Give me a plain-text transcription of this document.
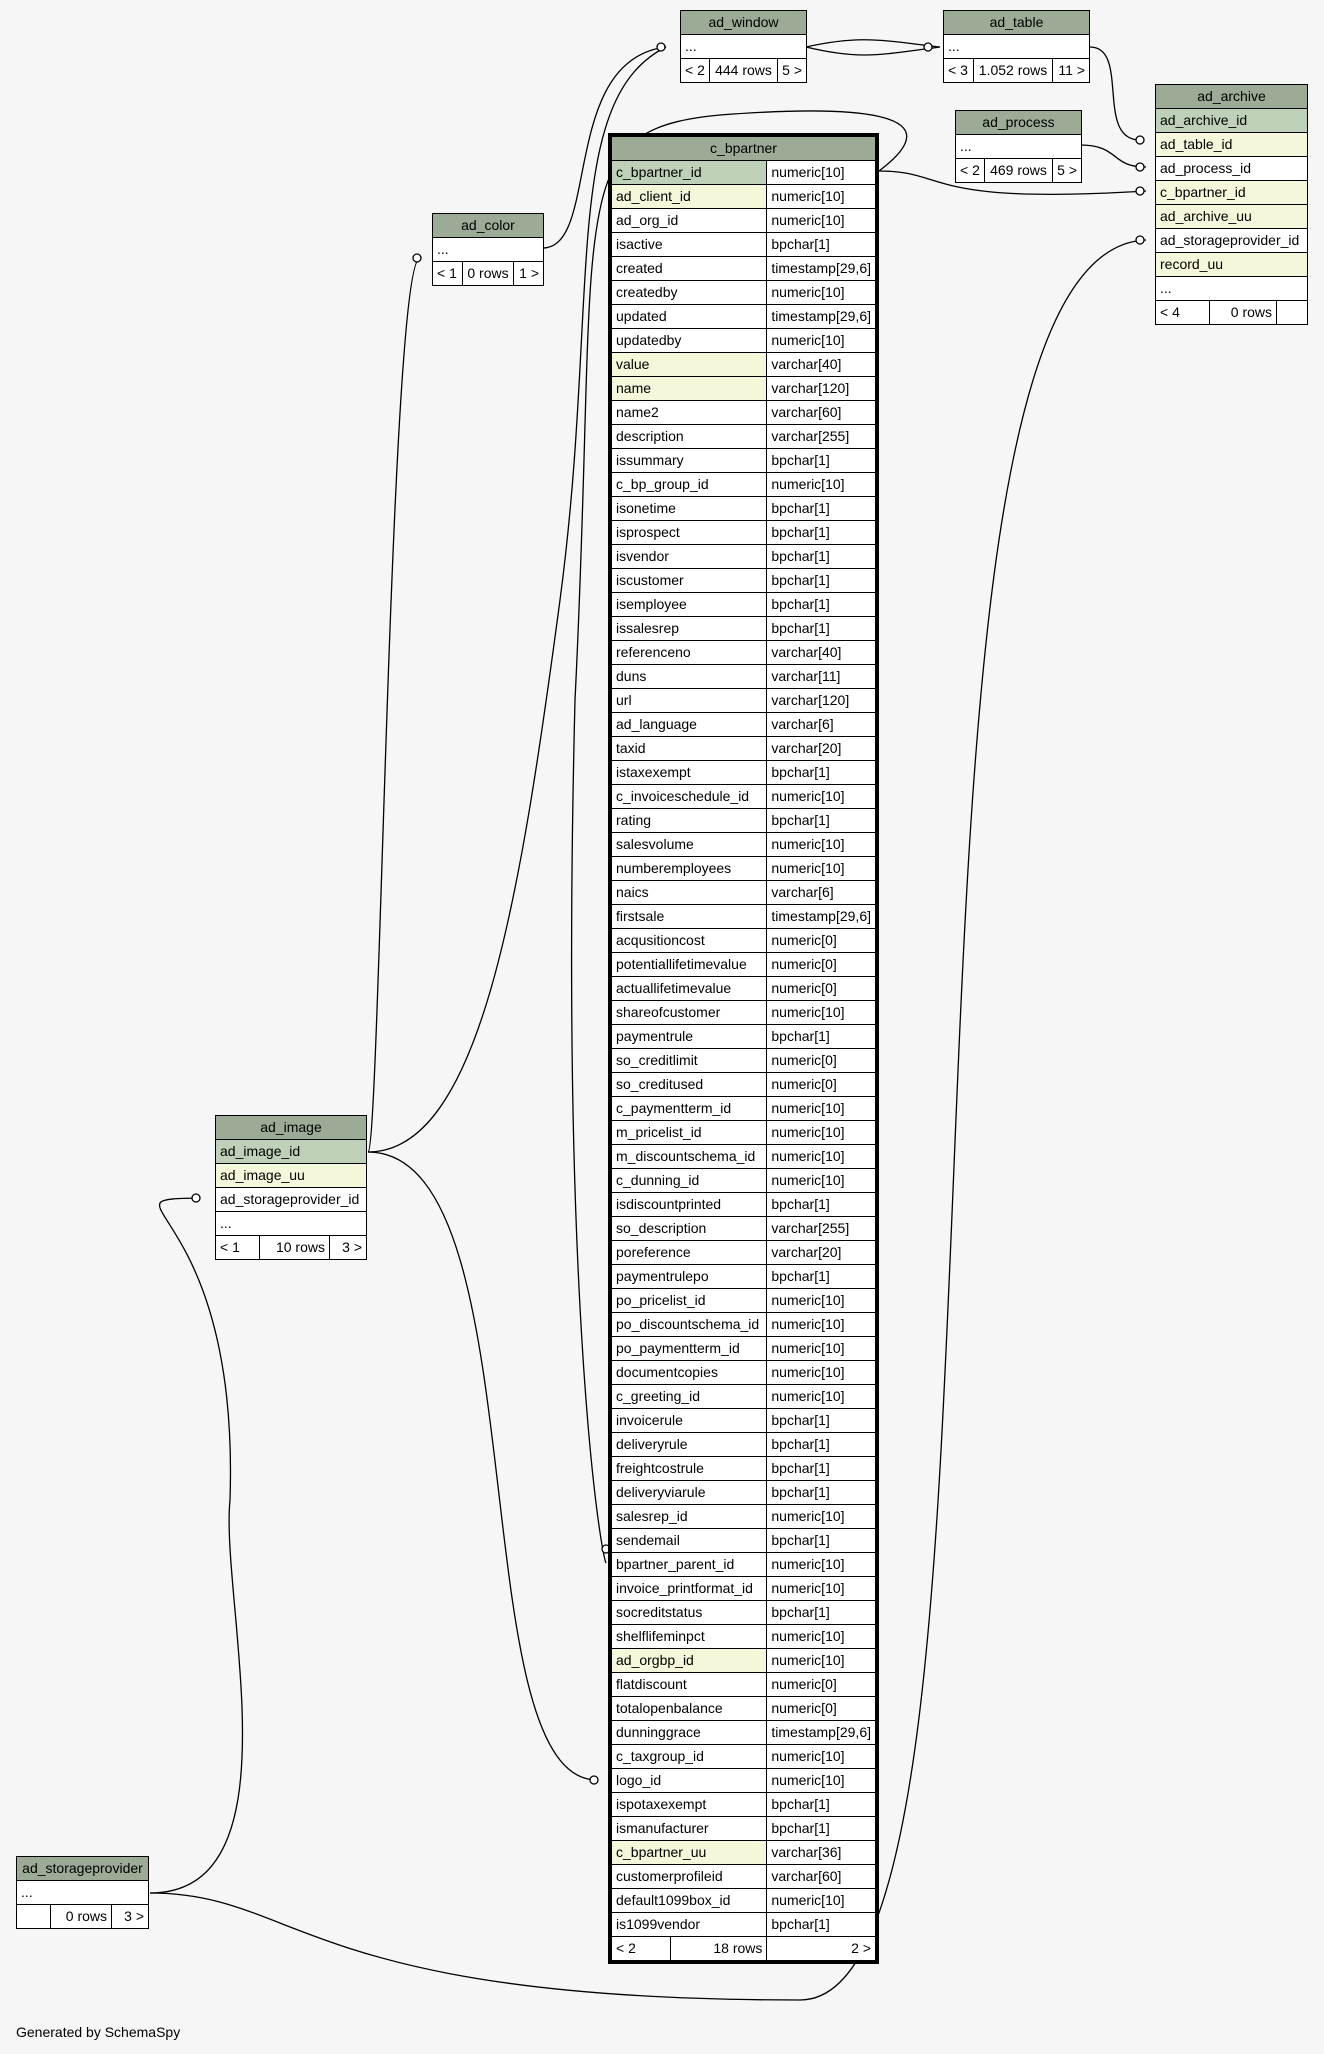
ad_window
...
< 2	444 rows	5 >
ad_table
...
< 3	1.052 rows	11 >
ad_process
...
< 2	469 rows	5 >
ad_color
...
< 1	0 rows	1 >
ad_archive
ad_archive_id
ad_table_id
ad_process_id
c_bpartner_id
ad_archive_uu
ad_storageprovider_id
record_uu
...
< 4	0 rows	
ad_image
ad_image_id
ad_image_uu
ad_storageprovider_id
...
< 1	10 rows	3 >
ad_storageprovider
...
	0 rows	3 >
c_bpartner		
c_bpartner_id		numeric[10]
ad_client_id		numeric[10]
ad_org_id		numeric[10]
isactive		bpchar[1]
created		timestamp[29,6]
createdby		numeric[10]
updated		timestamp[29,6]
updatedby		numeric[10]
value		varchar[40]
name		varchar[120]
name2		varchar[60]
description		varchar[255]
issummary		bpchar[1]
c_bp_group_id		numeric[10]
isonetime		bpchar[1]
isprospect		bpchar[1]
isvendor		bpchar[1]
iscustomer		bpchar[1]
isemployee		bpchar[1]
issalesrep		bpchar[1]
referenceno		varchar[40]
duns		varchar[11]
url		varchar[120]
ad_language		varchar[6]
taxid		varchar[20]
istaxexempt		bpchar[1]
c_invoiceschedule_id		numeric[10]
rating		bpchar[1]
salesvolume		numeric[10]
numberemployees		numeric[10]
naics		varchar[6]
firstsale		timestamp[29,6]
acqusitioncost		numeric[0]
potentiallifetimevalue		numeric[0]
actuallifetimevalue		numeric[0]
shareofcustomer		numeric[10]
paymentrule		bpchar[1]
so_creditlimit		numeric[0]
so_creditused		numeric[0]
c_paymentterm_id		numeric[10]
m_pricelist_id		numeric[10]
m_discountschema_id		numeric[10]
c_dunning_id		numeric[10]
isdiscountprinted		bpchar[1]
so_description		varchar[255]
poreference		varchar[20]
paymentrulepo		bpchar[1]
po_pricelist_id		numeric[10]
po_discountschema_id		numeric[10]
po_paymentterm_id		numeric[10]
documentcopies		numeric[10]
c_greeting_id		numeric[10]
invoicerule		bpchar[1]
deliveryrule		bpchar[1]
freightcostrule		bpchar[1]
deliveryviarule		bpchar[1]
salesrep_id		numeric[10]
sendemail		bpchar[1]
bpartner_parent_id		numeric[10]
invoice_printformat_id		numeric[10]
socreditstatus		bpchar[1]
shelflifeminpct		numeric[10]
ad_orgbp_id		numeric[10]
flatdiscount		numeric[0]
totalopenbalance		numeric[0]
dunninggrace		timestamp[29,6]
c_taxgroup_id		numeric[10]
logo_id		numeric[10]
ispotaxexempt		bpchar[1]
ismanufacturer		bpchar[1]
c_bpartner_uu		varchar[36]
customerprofileid		varchar[60]
default1099box_id		numeric[10]
is1099vendor		bpchar[1]
< 2	18 rows	2 >
Generated by SchemaSpy
